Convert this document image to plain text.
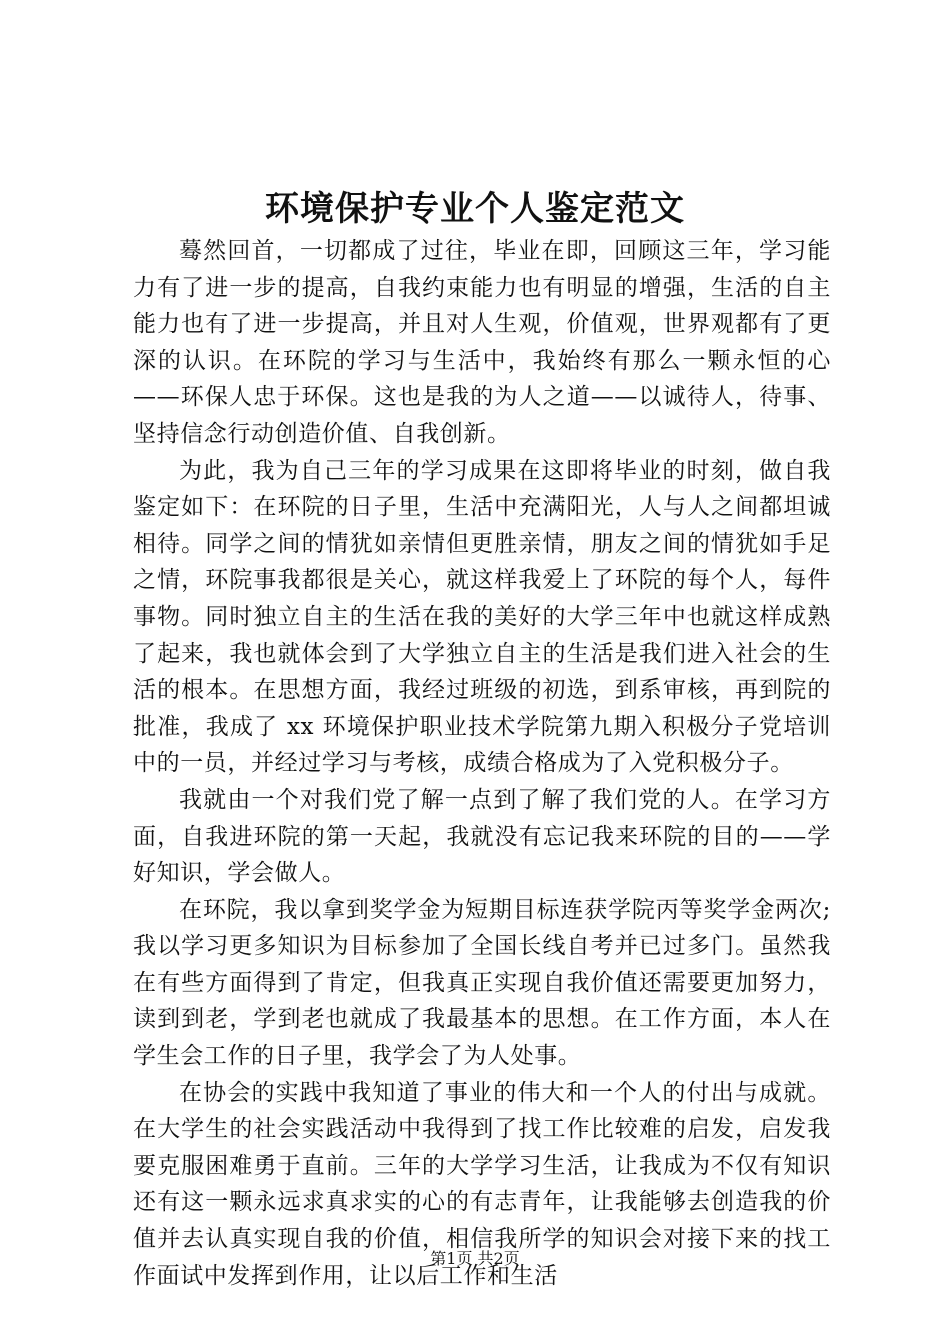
环境保护专业个人鉴定范文

蓦然回首，一切都成了过往，毕业在即，回顾这三年，学习能力有了进一步的提高，自我约束能力也有明显的增强，生活的自主能力也有了进一步提高，并且对人生观，价值观，世界观都有了更深的认识。在环院的学习与生活中，我始终有那么一颗永恒的心——环保人忠于环保。这也是我的为人之道——以诚待人，待事、坚持信念行动创造价值、自我创新。

为此，我为自己三年的学习成果在这即将毕业的时刻，做自我鉴定如下：在环院的日子里，生活中充满阳光，人与人之间都坦诚相待。同学之间的情犹如亲情但更胜亲情，朋友之间的情犹如手足之情，环院事我都很是关心，就这样我爱上了环院的每个人，每件事物。同时独立自主的生活在我的美好的大学三年中也就这样成熟了起来，我也就体会到了大学独立自主的生活是我们进入社会的生活的根本。在思想方面，我经过班级的初选，到系审核，再到院的批准，我成了 xx 环境保护职业技术学院第九期入积极分子党培训中的一员，并经过学习与考核，成绩合格成为了入党积极分子。

我就由一个对我们党了解一点到了解了我们党的人。在学习方面，自我进环院的第一天起，我就没有忘记我来环院的目的——学好知识，学会做人。

在环院，我以拿到奖学金为短期目标连获学院丙等奖学金两次;我以学习更多知识为目标参加了全国长线自考并已过多门。虽然我在有些方面得到了肯定，但我真正实现自我价值还需要更加努力，读到到老，学到老也就成了我最基本的思想。在工作方面，本人在学生会工作的日子里，我学会了为人处事。

在协会的实践中我知道了事业的伟大和一个人的付出与成就。在大学生的社会实践活动中我得到了找工作比较难的启发，启发我要克服困难勇于直前。三年的大学学习生活，让我成为不仅有知识还有这一颗永远求真求实的心的有志青年，让我能够去创造我的价值并去认真实现自我的价值，相信我所学的知识会对接下来的找工作面试中发挥到作用，让以后工作和生活

第1页 共2页
